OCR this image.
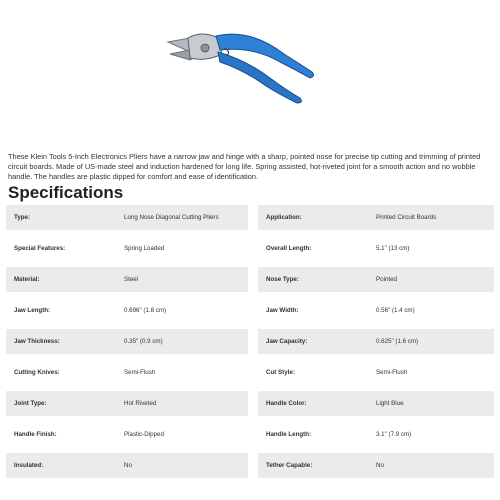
These Klein Tools 5-Inch Electronics Pliers have a narrow jaw and hinge with a sharp, pointed nose for precise tip cutting and trimming of printed circuit boards. Made of US-made steel and induction hardened for long life. Spring assisted, hot-riveted joint for a smooth action and no wobble handle. The handles are plastic dipped for comfort and ease of identification.

Specifications
Type:	Long Nose Diagonal Cutting Pliers	Application:	Printed Circuit Boards
Special Features:	Spring Loaded	Overall Length:	5.1" (13 cm)
Material:	Steel	Nose Type:	Pointed
Jaw Length:	0.696" (1.8 cm)	Jaw Width:	0.56" (1.4 cm)
Jaw Thickness:	0.35" (0.9 cm)	Jaw Capacity:	0.625" (1.6 cm)
Cutting Knives:	Semi-Flush	Cut Style:	Semi-Flush
Joint Type:	Hot Riveted	Handle Color:	Light Blue
Handle Finish:	Plastic-Dipped	Handle Length:	3.1" (7.9 cm)
Insulated:	No	Tether Capable:	No
